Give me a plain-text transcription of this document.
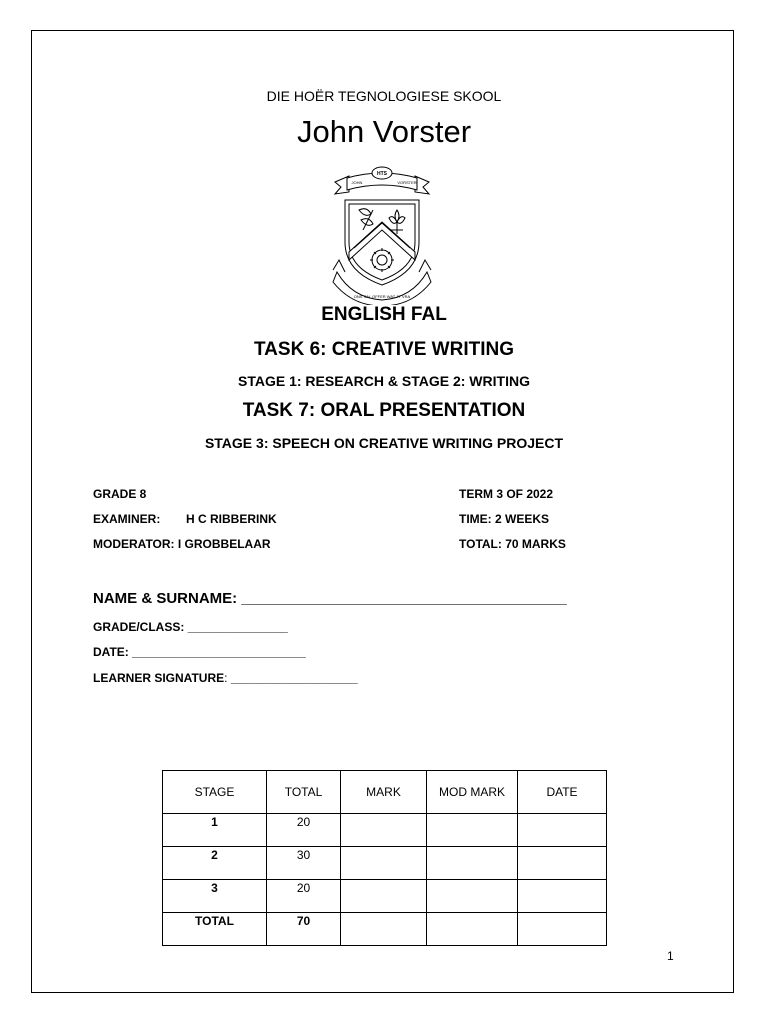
DIE HOËR TEGNOLOGIESE SKOOL
John Vorster
HTS
JOHN	VORSTER
ONS SAL OFFER WAT JY VRA
ENGLISH FAL
TASK 6: CREATIVE WRITING
STAGE 1: RESEARCH & STAGE 2: WRITING
TASK 7: ORAL PRESENTATION
STAGE 3: SPEECH ON CREATIVE WRITING PROJECT
GRADE 8
EXAMINER: H C RIBBERINK
MODERATOR: I GROBBELAAR
TERM 3 OF 2022
TIME: 2 WEEKS
TOTAL: 70 MARKS
NAME & SURNAME: _______________________________________
GRADE/CLASS: _______________
DATE: __________________________
LEARNER SIGNATURE: ___________________
STAGE	TOTAL	MARK	MOD MARK	DATE
1	20			
2	30			
3	20			
TOTAL	70			
1
